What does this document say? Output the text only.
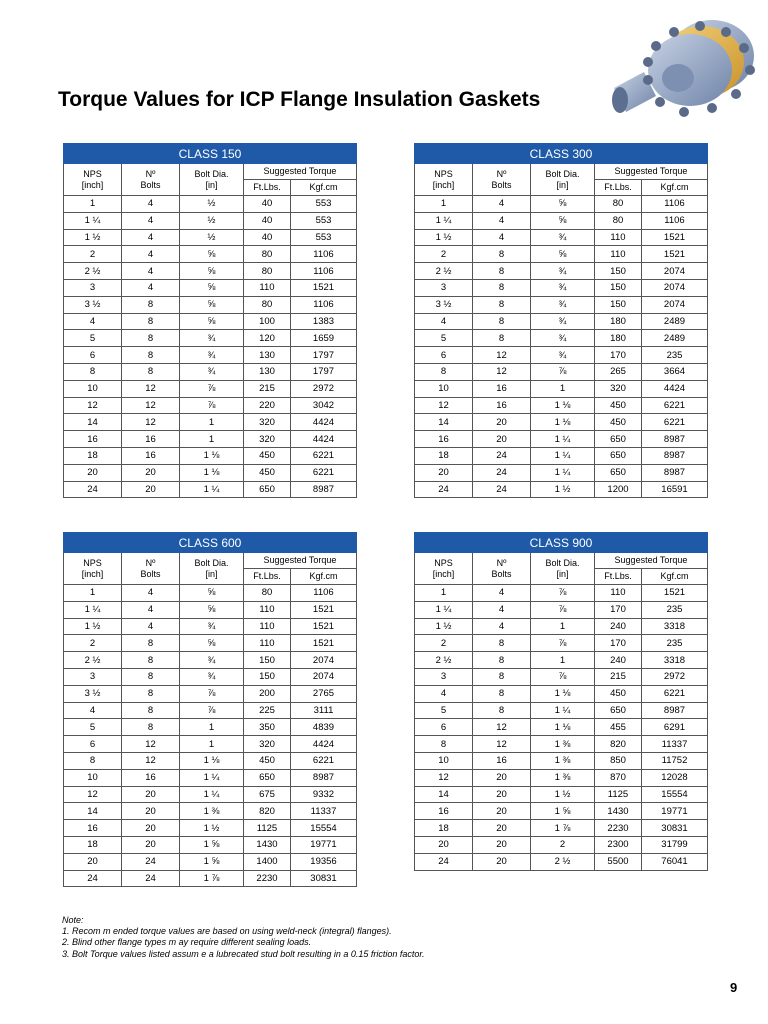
Torque Values for ICP Flange Insulation Gaskets
CLASS 150				
NPS
[inch]	Nº
Bolts	Bolt Dia.
[in]	Suggested Torque	
			Ft.Lbs.	Kgf.cm
1	4	½	40	553
1 ¼	4	½	40	553
1 ½	4	½	40	553
2	4	⅝	80	1106
2 ½	4	⅝	80	1106
3	4	⅝	110	1521
3 ½	8	⅝	80	1106
4	8	⅝	100	1383
5	8	¾	120	1659
6	8	¾	130	1797
8	8	¾	130	1797
10	12	⅞	215	2972
12	12	⅞	220	3042
14	12	1	320	4424
16	16	1	320	4424
18	16	1 ⅛	450	6221
20	20	1 ⅛	450	6221
24	20	1 ¼	650	8987
CLASS 300				
NPS
[inch]	Nº
Bolts	Bolt Dia.
[in]	Suggested Torque	
			Ft.Lbs.	Kgf.cm
1	4	⅝	80	1106
1 ¼	4	⅝	80	1106
1 ½	4	¾	110	1521
2	8	⅝	110	1521
2 ½	8	¾	150	2074
3	8	¾	150	2074
3 ½	8	¾	150	2074
4	8	¾	180	2489
5	8	¾	180	2489
6	12	¾	170	235
8	12	⅞	265	3664
10	16	1	320	4424
12	16	1 ⅛	450	6221
14	20	1 ⅛	450	6221
16	20	1 ¼	650	8987
18	24	1 ¼	650	8987
20	24	1 ¼	650	8987
24	24	1 ½	1200	16591
CLASS 600				
NPS
[inch]	Nº
Bolts	Bolt Dia.
[in]	Suggested Torque	
			Ft.Lbs.	Kgf.cm
1	4	⅝	80	1106
1 ¼	4	⅝	110	1521
1 ½	4	¾	110	1521
2	8	⅝	110	1521
2 ½	8	¾	150	2074
3	8	¾	150	2074
3 ½	8	⅞	200	2765
4	8	⅞	225	3111
5	8	1	350	4839
6	12	1	320	4424
8	12	1 ⅛	450	6221
10	16	1 ¼	650	8987
12	20	1 ¼	675	9332
14	20	1 ⅜	820	11337
16	20	1 ½	1125	15554
18	20	1 ⅝	1430	19771
20	24	1 ⅝	1400	19356
24	24	1 ⅞	2230	30831
CLASS 900				
NPS
[inch]	Nº
Bolts	Bolt Dia.
[in]	Suggested Torque	
			Ft.Lbs.	Kgf.cm
1	4	⅞	110	1521
1 ¼	4	⅞	170	235
1 ½	4	1	240	3318
2	8	⅞	170	235
2 ½	8	1	240	3318
3	8	⅞	215	2972
4	8	1 ⅛	450	6221
5	8	1 ¼	650	8987
6	12	1 ⅛	455	6291
8	12	1 ⅜	820	11337
10	16	1 ⅜	850	11752
12	20	1 ⅜	870	12028
14	20	1 ½	1125	15554
16	20	1 ⅝	1430	19771
18	20	1 ⅞	2230	30831
20	20	2	2300	31799
24	20	2 ½	5500	76041
Note:
1. Recom m ended torque values are based on using weld-neck (integral) flanges).
2. Blind other flange types m ay require different sealing loads.
3. Bolt Torque values listed assum e a lubrecated stud bolt resulting in a 0.15 friction factor.
9
